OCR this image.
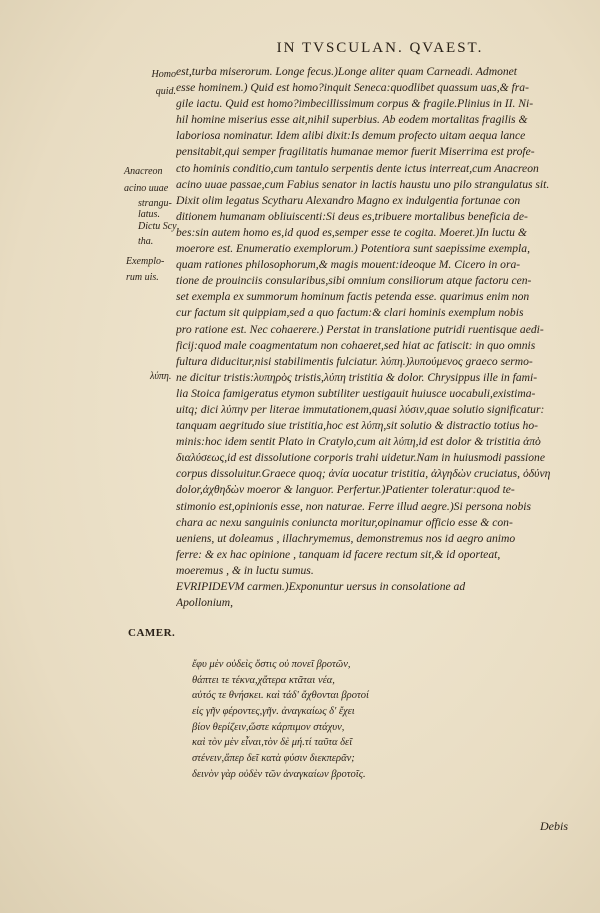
IN TVSCULAN. QVAEST.
est,turba miserorum. Longe fecus.)Longe aliter quam Carneadi. Admonet
esse hominem.) Quid est homo?inquit Seneca:quodlibet quassum uas,& fra-
gile iactu. Quid est homo?imbecillissimum corpus & fragile.Plinius in II. Ni-
hil homine miserius esse ait,nihil superbius. Ab eodem mortalitas fragilis &
laboriosa nominatur. Idem alibi dixit:Is demum profecto uitam aequa lance
pensitabit,qui semper fragilitatis humanae memor fuerit Miserrima est profe-
cto hominis conditio,cum tantulo serpentis dente ictus interreat,cum Anacreon
acino uuae passae,cum Fabius senator in lactis haustu uno pilo strangulatus sit.
Dixit olim legatus Scytharu Alexandro Magno ex indulgentia fortunae con
ditionem humanam obliuiscenti:Si deus es,tribuere mortalibus beneficia de-
bes:sin autem homo es,id quod es,semper esse te cogita. Moeret.)In luctu &
moerore est. Enumeratio exemplorum.) Potentiora sunt saepissime exempla,
quam rationes philosophorum,& magis mouent:ideoque M. Cicero in ora-
tione de prouinciis consularibus,sibi omnium consiliorum atque factoru cen-
set exempla ex summorum hominum factis petenda esse. quarimus enim non
cur factum sit quippiam,sed a quo factum:& clari hominis exemplum nobis
pro ratione est. Nec cohaerere.) Perstat in translatione putridi ruentisque aedi-
ficij:quod male coagmentatum non cohaeret,sed hiat ac fatiscit: in quo omnis
fultura diducitur,nisi stabilimentis fulciatur. λύπη.)λυπούμενος graeco sermo-
ne dicitur tristis:λυπηρὸς tristis,λύπη tristitia & dolor. Chrysippus ille in fami-
lia Stoica famigeratus etymon subtiliter uestigauit huiusce uocabuli,existima-
uitq; dici λύπην per literae immutationem,quasi λύσιν,quae solutio significatur:
tanquam aegritudo siue tristitia,hoc est λύπη,sit solutio & distractio totius ho-
minis:hoc idem sentit Plato in Cratylo,cum ait λύπη,id est dolor & tristitia ἀπὸ
διαλύσεως,id est dissolutione corporis trahi uidetur.Nam in huiusmodi passione
corpus dissoluitur.Graece quoq; ἀνία uocatur tristitia, ἀλγηδὼν cruciatus, ὀδύνη
dolor,ἀχθηδὼν moeror & languor. Perfertur.)Patienter toleratur:quod te-
stimonio est,opinionis esse, non naturae. Ferre illud aegre.)Si persona nobis
chara ac nexu sanguinis coniuncta moritur,opinamur officio esse & con-
ueniens, ut doleamus , illachrymemus, demonstremus nos id aegro animo
ferre: & ex hac opinione , tanquam id facere rectum sit,& id oporteat,
moeremus , & in luctu sumus.
EVRIPIDEVM carmen.)Exponuntur uersus in consolatione ad
Apollonium,
Homo
quid.
Anacreon
acino uuae
strangu-
latus.
Dictu Scy
tha.
Exemplo-
rum uis.
λύπη.
CAMER.
ἔφυ μὲν οὐδεὶς ὅστις οὐ πονεῖ βροτῶν,
θάπτει τε τέκνα,χἄτερα κτᾶται νέα,
αὐτός τε θνήσκει. καὶ τάδ' ἄχθονται βροτοί
εἰς γῆν φέροντες,γῆν. ἀναγκαίως δ' ἔχει
βίον θερίζειν,ὥστε κάρπιμον στάχυν,
καὶ τὸν μὲν εἶναι,τὸν δὲ μή.τί ταῦτα δεῖ
στένειν,ἅπερ δεῖ κατὰ φύσιν διεκπερᾶν;
δεινὸν γὰρ οὐδὲν τῶν ἀναγκαίων βροτοῖς.
Debis
